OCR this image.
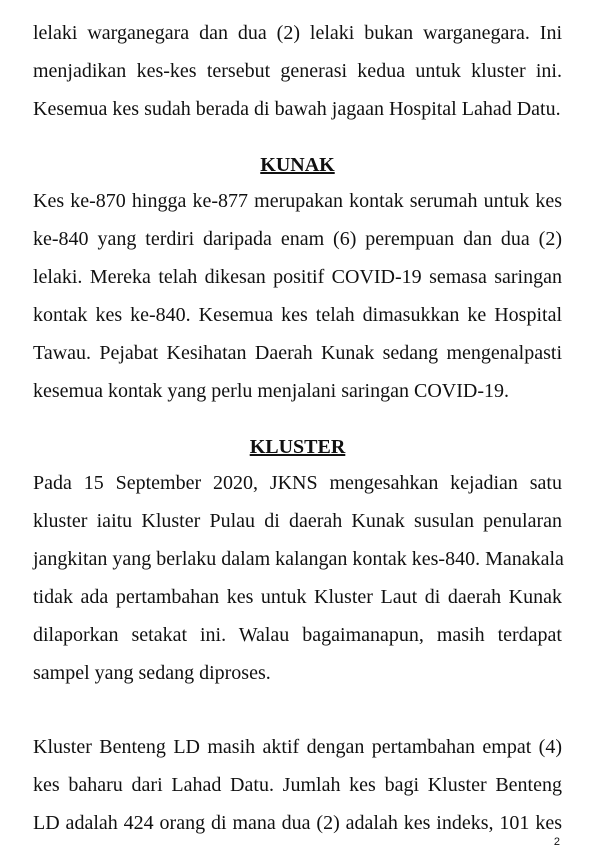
lelaki warganegara dan dua (2) lelaki bukan warganegara. Ini
menjadikan kes-kes tersebut generasi kedua untuk kluster ini.
Kesemua kes sudah berada di bawah jagaan Hospital Lahad Datu.
KUNAK
Kes ke-870 hingga ke-877 merupakan kontak serumah untuk kes
ke-840 yang terdiri daripada enam (6) perempuan dan dua (2)
lelaki. Mereka telah dikesan positif COVID-19 semasa saringan
kontak kes ke-840. Kesemua kes telah dimasukkan ke Hospital
Tawau. Pejabat Kesihatan Daerah Kunak sedang mengenalpasti
kesemua kontak yang perlu menjalani saringan COVID-19.
KLUSTER
Pada 15 September 2020, JKNS mengesahkan kejadian satu
kluster iaitu Kluster Pulau di daerah Kunak susulan penularan
jangkitan yang berlaku dalam kalangan kontak kes-840. Manakala
tidak ada pertambahan kes untuk Kluster Laut di daerah Kunak
dilaporkan setakat ini. Walau bagaimanapun, masih terdapat
sampel yang sedang diproses.
Kluster Benteng LD masih aktif dengan pertambahan empat (4)
kes baharu dari Lahad Datu. Jumlah kes bagi Kluster Benteng
LD adalah 424 orang di mana dua (2) adalah kes indeks, 101 kes
2
